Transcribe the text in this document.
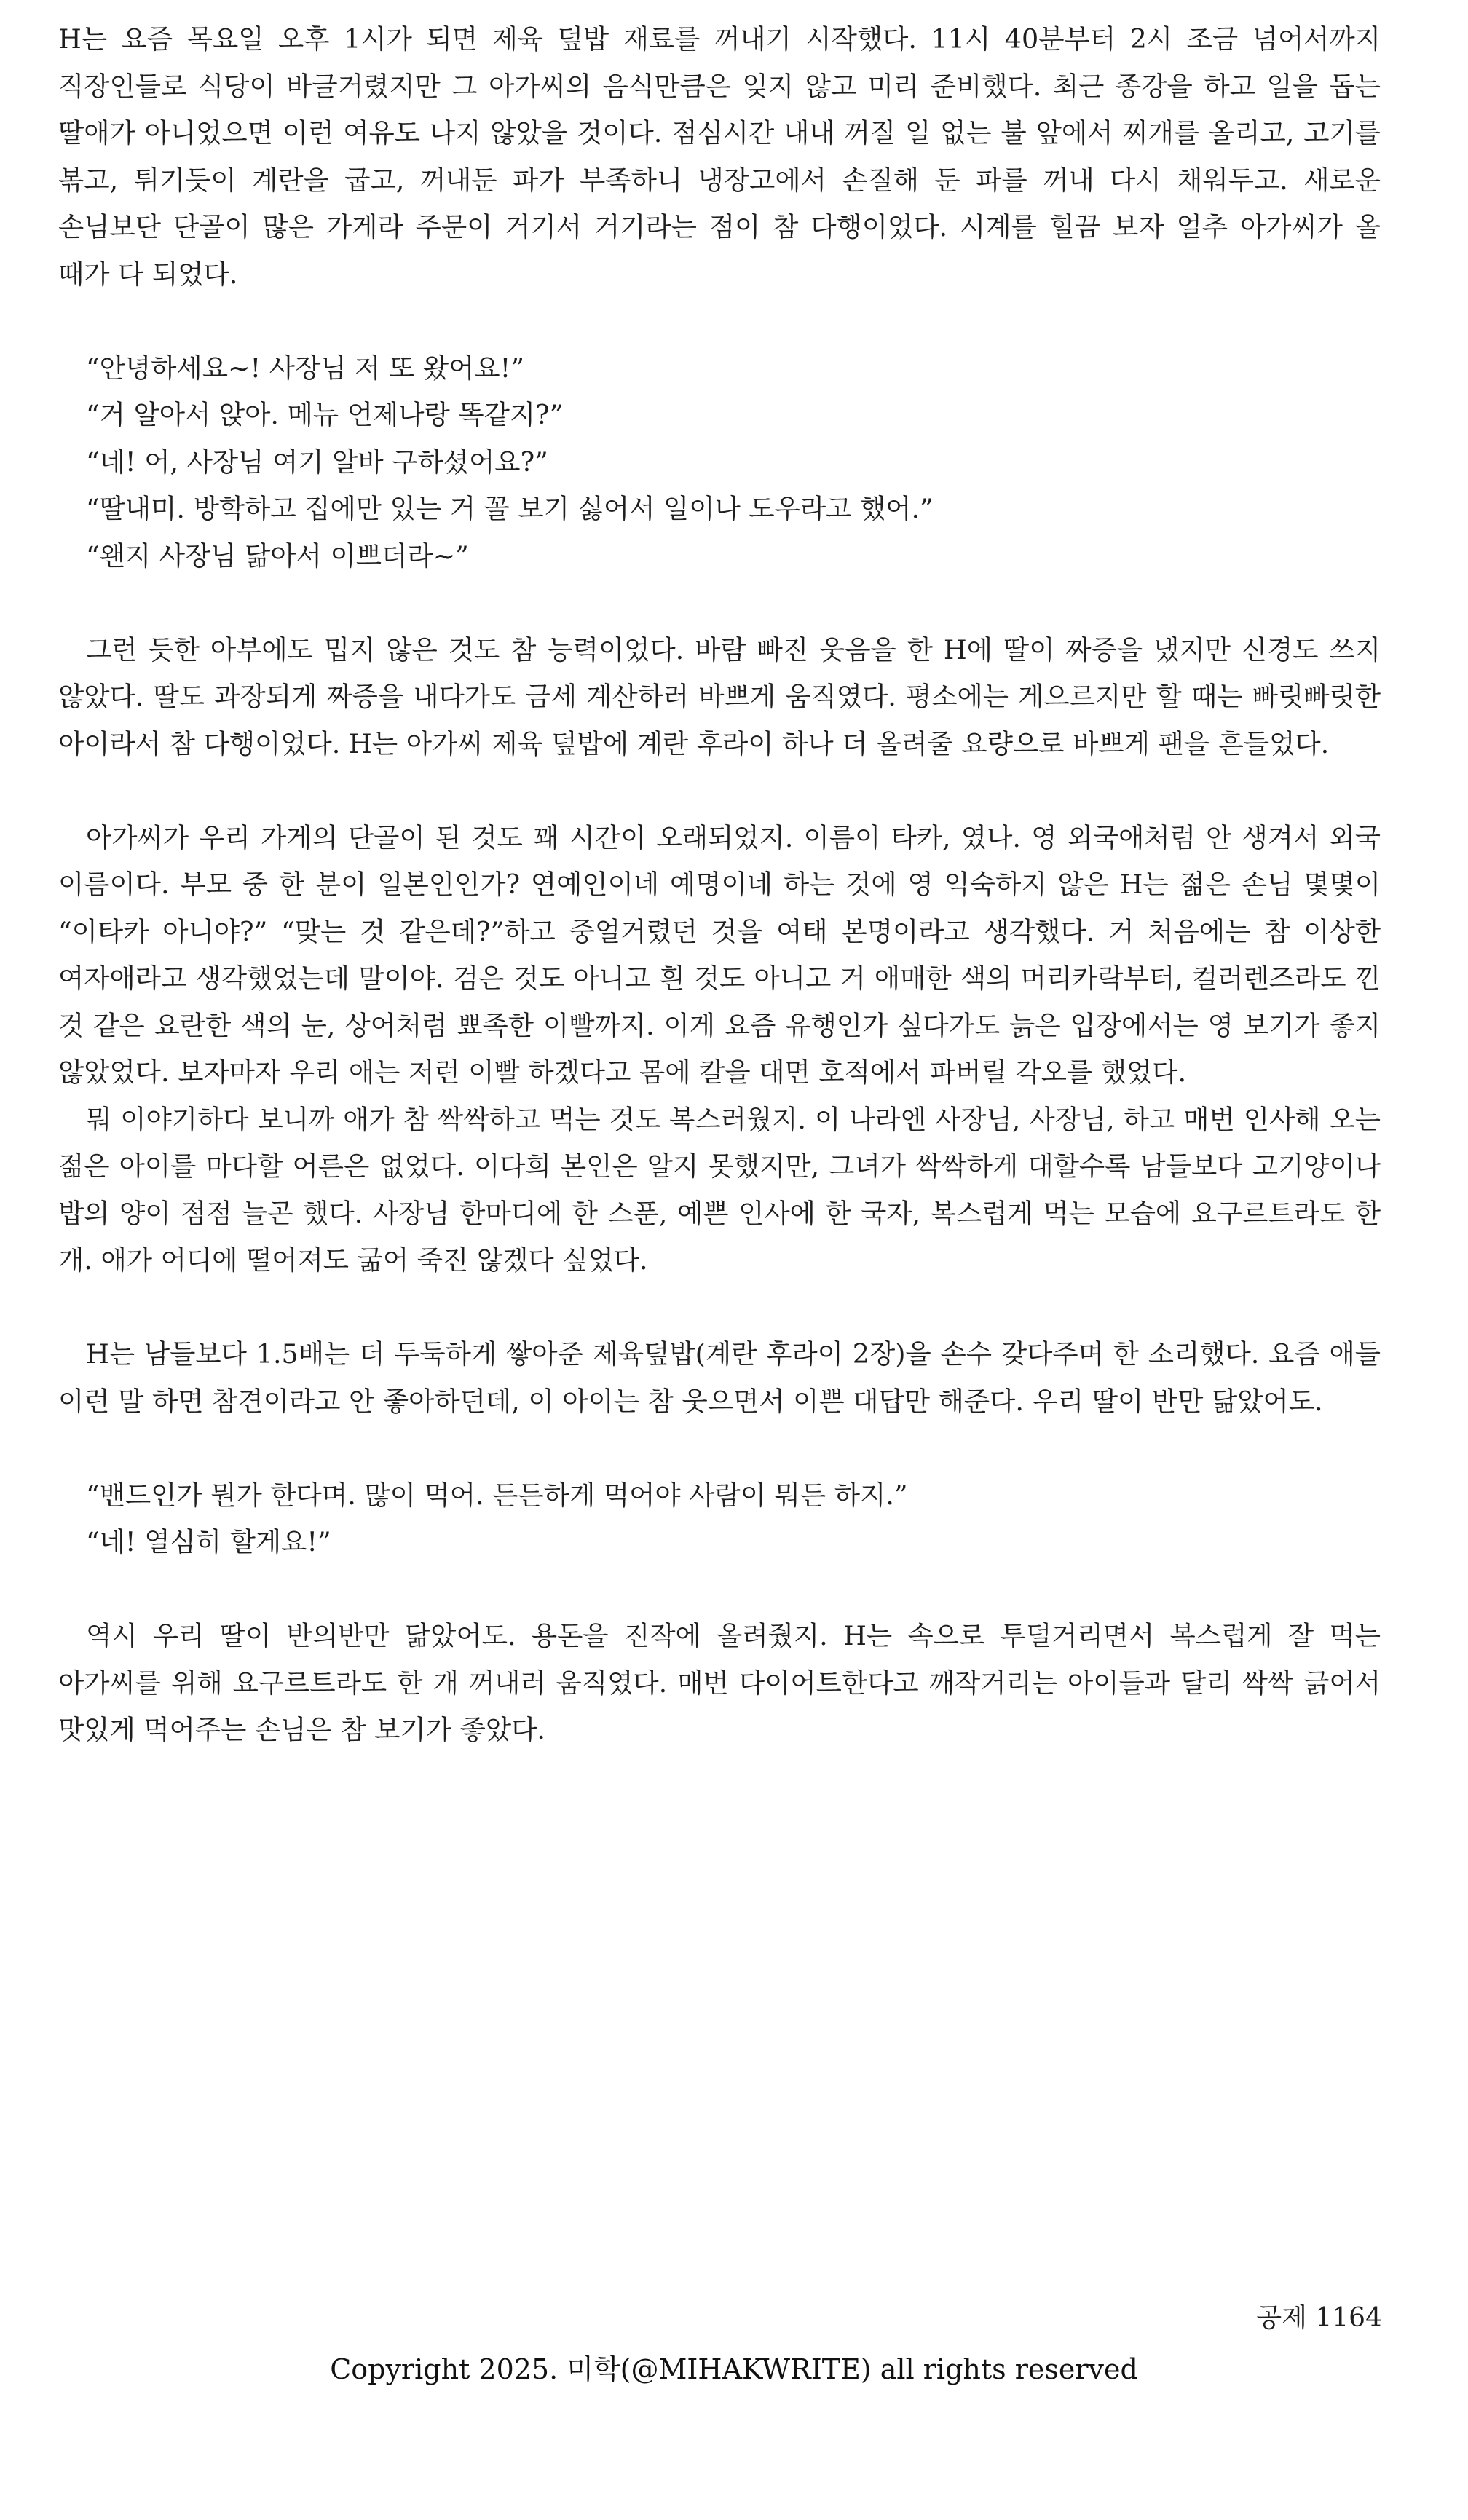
H는 요즘 목요일 오후 1시가 되면 제육 덮밥 재료를 꺼내기 시작했다. 11시 40분부터 2시 조금 넘어서까지 직장인들로 식당이 바글거렸지만 그 아가씨의 음식만큼은 잊지 않고 미리 준비했다. 최근 종강을 하고 일을 돕는 딸애가 아니었으면 이런 여유도 나지 않았을 것이다. 점심시간 내내 꺼질 일 없는 불 앞에서 찌개를 올리고, 고기를 볶고, 튀기듯이 계란을 굽고, 꺼내둔 파가 부족하니 냉장고에서 손질해 둔 파를 꺼내 다시 채워두고. 새로운 손님보단 단골이 많은 가게라 주문이 거기서 거기라는 점이 참 다행이었다. 시계를 힐끔 보자 얼추 아가씨가 올 때가 다 되었다.

“안녕하세요~! 사장님 저 또 왔어요!”

“거 알아서 앉아. 메뉴 언제나랑 똑같지?”

“네! 어, 사장님 여기 알바 구하셨어요?”

“딸내미. 방학하고 집에만 있는 거 꼴 보기 싫어서 일이나 도우라고 했어.”

“왠지 사장님 닮아서 이쁘더라~”

그런 듯한 아부에도 밉지 않은 것도 참 능력이었다. 바람 빠진 웃음을 한 H에 딸이 짜증을 냈지만 신경도 쓰지 않았다. 딸도 과장되게 짜증을 내다가도 금세 계산하러 바쁘게 움직였다. 평소에는 게으르지만 할 때는 빠릿빠릿한 아이라서 참 다행이었다. H는 아가씨 제육 덮밥에 계란 후라이 하나 더 올려줄 요량으로 바쁘게 팬을 흔들었다.

아가씨가 우리 가게의 단골이 된 것도 꽤 시간이 오래되었지. 이름이 타카, 였나. 영 외국애처럼 안 생겨서 외국 이름이다. 부모 중 한 분이 일본인인가? 연예인이네 예명이네 하는 것에 영 익숙하지 않은 H는 젊은 손님 몇몇이 “이타카 아니야?” “맞는 것 같은데?”하고 중얼거렸던 것을 여태 본명이라고 생각했다. 거 처음에는 참 이상한 여자애라고 생각했었는데 말이야. 검은 것도 아니고 흰 것도 아니고 거 애매한 색의 머리카락부터, 컬러렌즈라도 낀 것 같은 요란한 색의 눈, 상어처럼 뾰족한 이빨까지. 이게 요즘 유행인가 싶다가도 늙은 입장에서는 영 보기가 좋지 않았었다. 보자마자 우리 애는 저런 이빨 하겠다고 몸에 칼을 대면 호적에서 파버릴 각오를 했었다.

뭐 이야기하다 보니까 애가 참 싹싹하고 먹는 것도 복스러웠지. 이 나라엔 사장님, 사장님, 하고 매번 인사해 오는 젊은 아이를 마다할 어른은 없었다. 이다희 본인은 알지 못했지만, 그녀가 싹싹하게 대할수록 남들보다 고기양이나 밥의 양이 점점 늘곤 했다. 사장님 한마디에 한 스푼, 예쁜 인사에 한 국자, 복스럽게 먹는 모습에 요구르트라도 한 개. 애가 어디에 떨어져도 굶어 죽진 않겠다 싶었다.

H는 남들보다 1.5배는 더 두둑하게 쌓아준 제육덮밥(계란 후라이 2장)을 손수 갖다주며 한 소리했다. 요즘 애들 이런 말 하면 참견이라고 안 좋아하던데, 이 아이는 참 웃으면서 이쁜 대답만 해준다. 우리 딸이 반만 닮았어도.

“밴드인가 뭔가 한다며. 많이 먹어. 든든하게 먹어야 사람이 뭐든 하지.”

“네! 열심히 할게요!”

역시 우리 딸이 반의반만 닮았어도. 용돈을 진작에 올려줬지. H는 속으로 투덜거리면서 복스럽게 잘 먹는 아가씨를 위해 요구르트라도 한 개 꺼내러 움직였다. 매번 다이어트한다고 깨작거리는 아이들과 달리 싹싹 긁어서 맛있게 먹어주는 손님은 참 보기가 좋았다.

공제 1164
Copyright 2025. 미학(@MIHAKWRITE) all rights reserved
